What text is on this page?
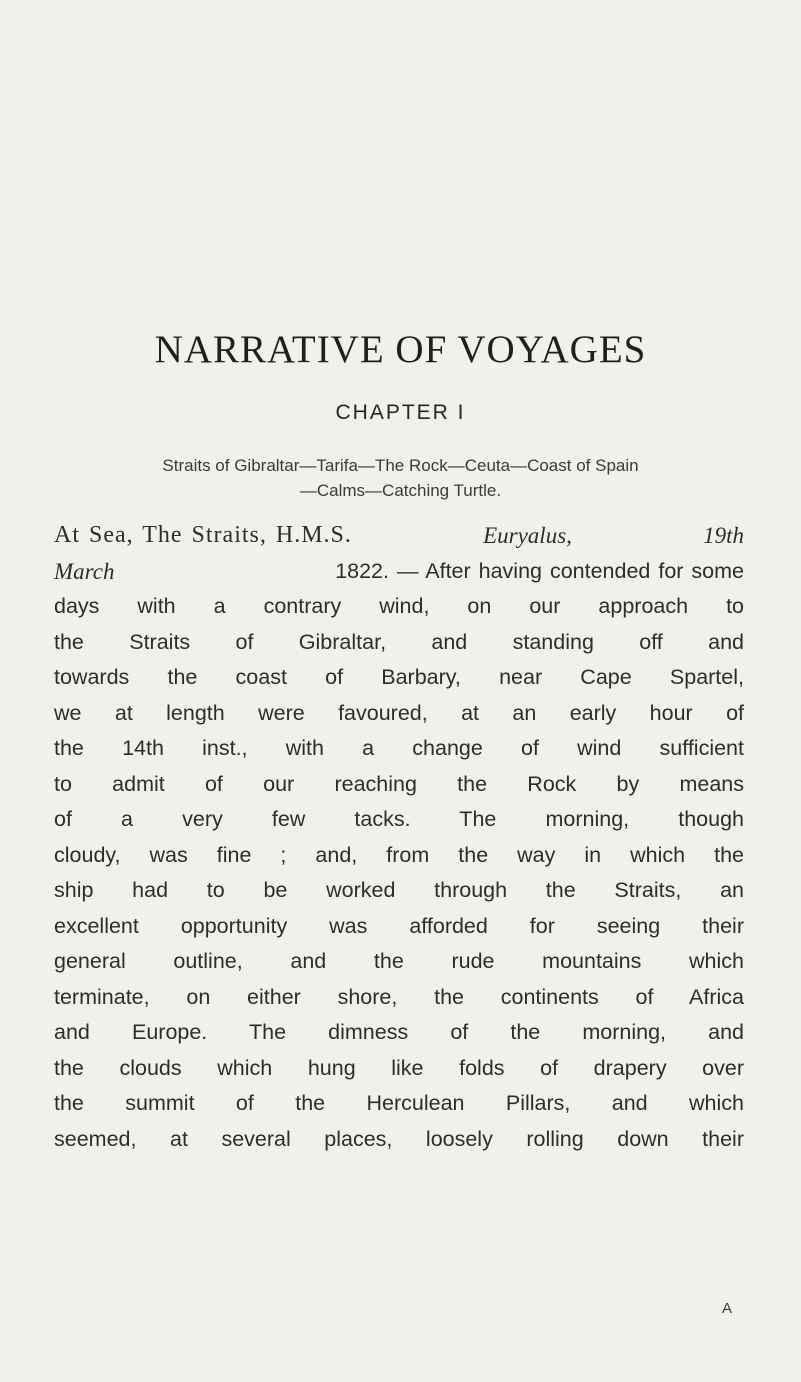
NARRATIVE OF VOYAGES
CHAPTER I
Straits of Gibraltar—Tarifa—The Rock—Ceuta—Coast of Spain
—Calms—Catching Turtle.
At Sea, The Straits, H.M.S.	Euryalus,	19th
March	1822. — After having contended for some
days with a contrary wind, on our approach to
the Straits of Gibraltar, and standing off and
towards the coast of Barbary, near Cape Spartel,
we at length were favoured, at an early hour of
the 14th inst., with a change of wind sufficient
to admit of our reaching the Rock by means
of a very few tacks. The morning, though
cloudy, was fine ; and, from the way in which the
ship had to be worked through the Straits, an
excellent opportunity was afforded for seeing their
general outline, and the rude mountains which
terminate, on either shore, the continents of Africa
and Europe. The dimness of the morning, and
the clouds which hung like folds of drapery over
the summit of the Herculean Pillars, and which
seemed, at several places, loosely rolling down their
A
